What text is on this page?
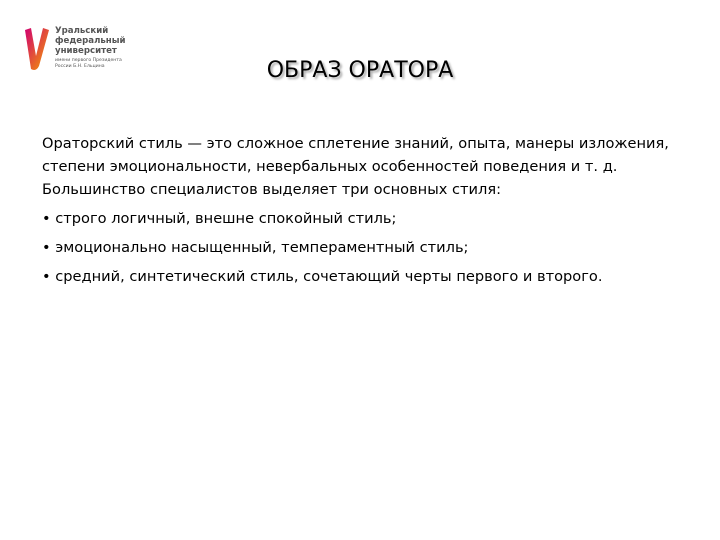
Уральский
федеральный
университет
имени первого Президента
России Б.Н. Ельцина	ОБРАЗ ОРАТОРА

Ораторский стиль — это сложное сплетение знаний, опыта, манеры изложения, степени эмоциональности, невербальных особенностей поведения и т. д. Большинство специалистов выделяет три основных стиля:

• строго логичный, внешне спокойный стиль;
• эмоционально насыщенный, темпераментный стиль;
• средний, синтетический стиль, сочетающий черты первого и второго.
